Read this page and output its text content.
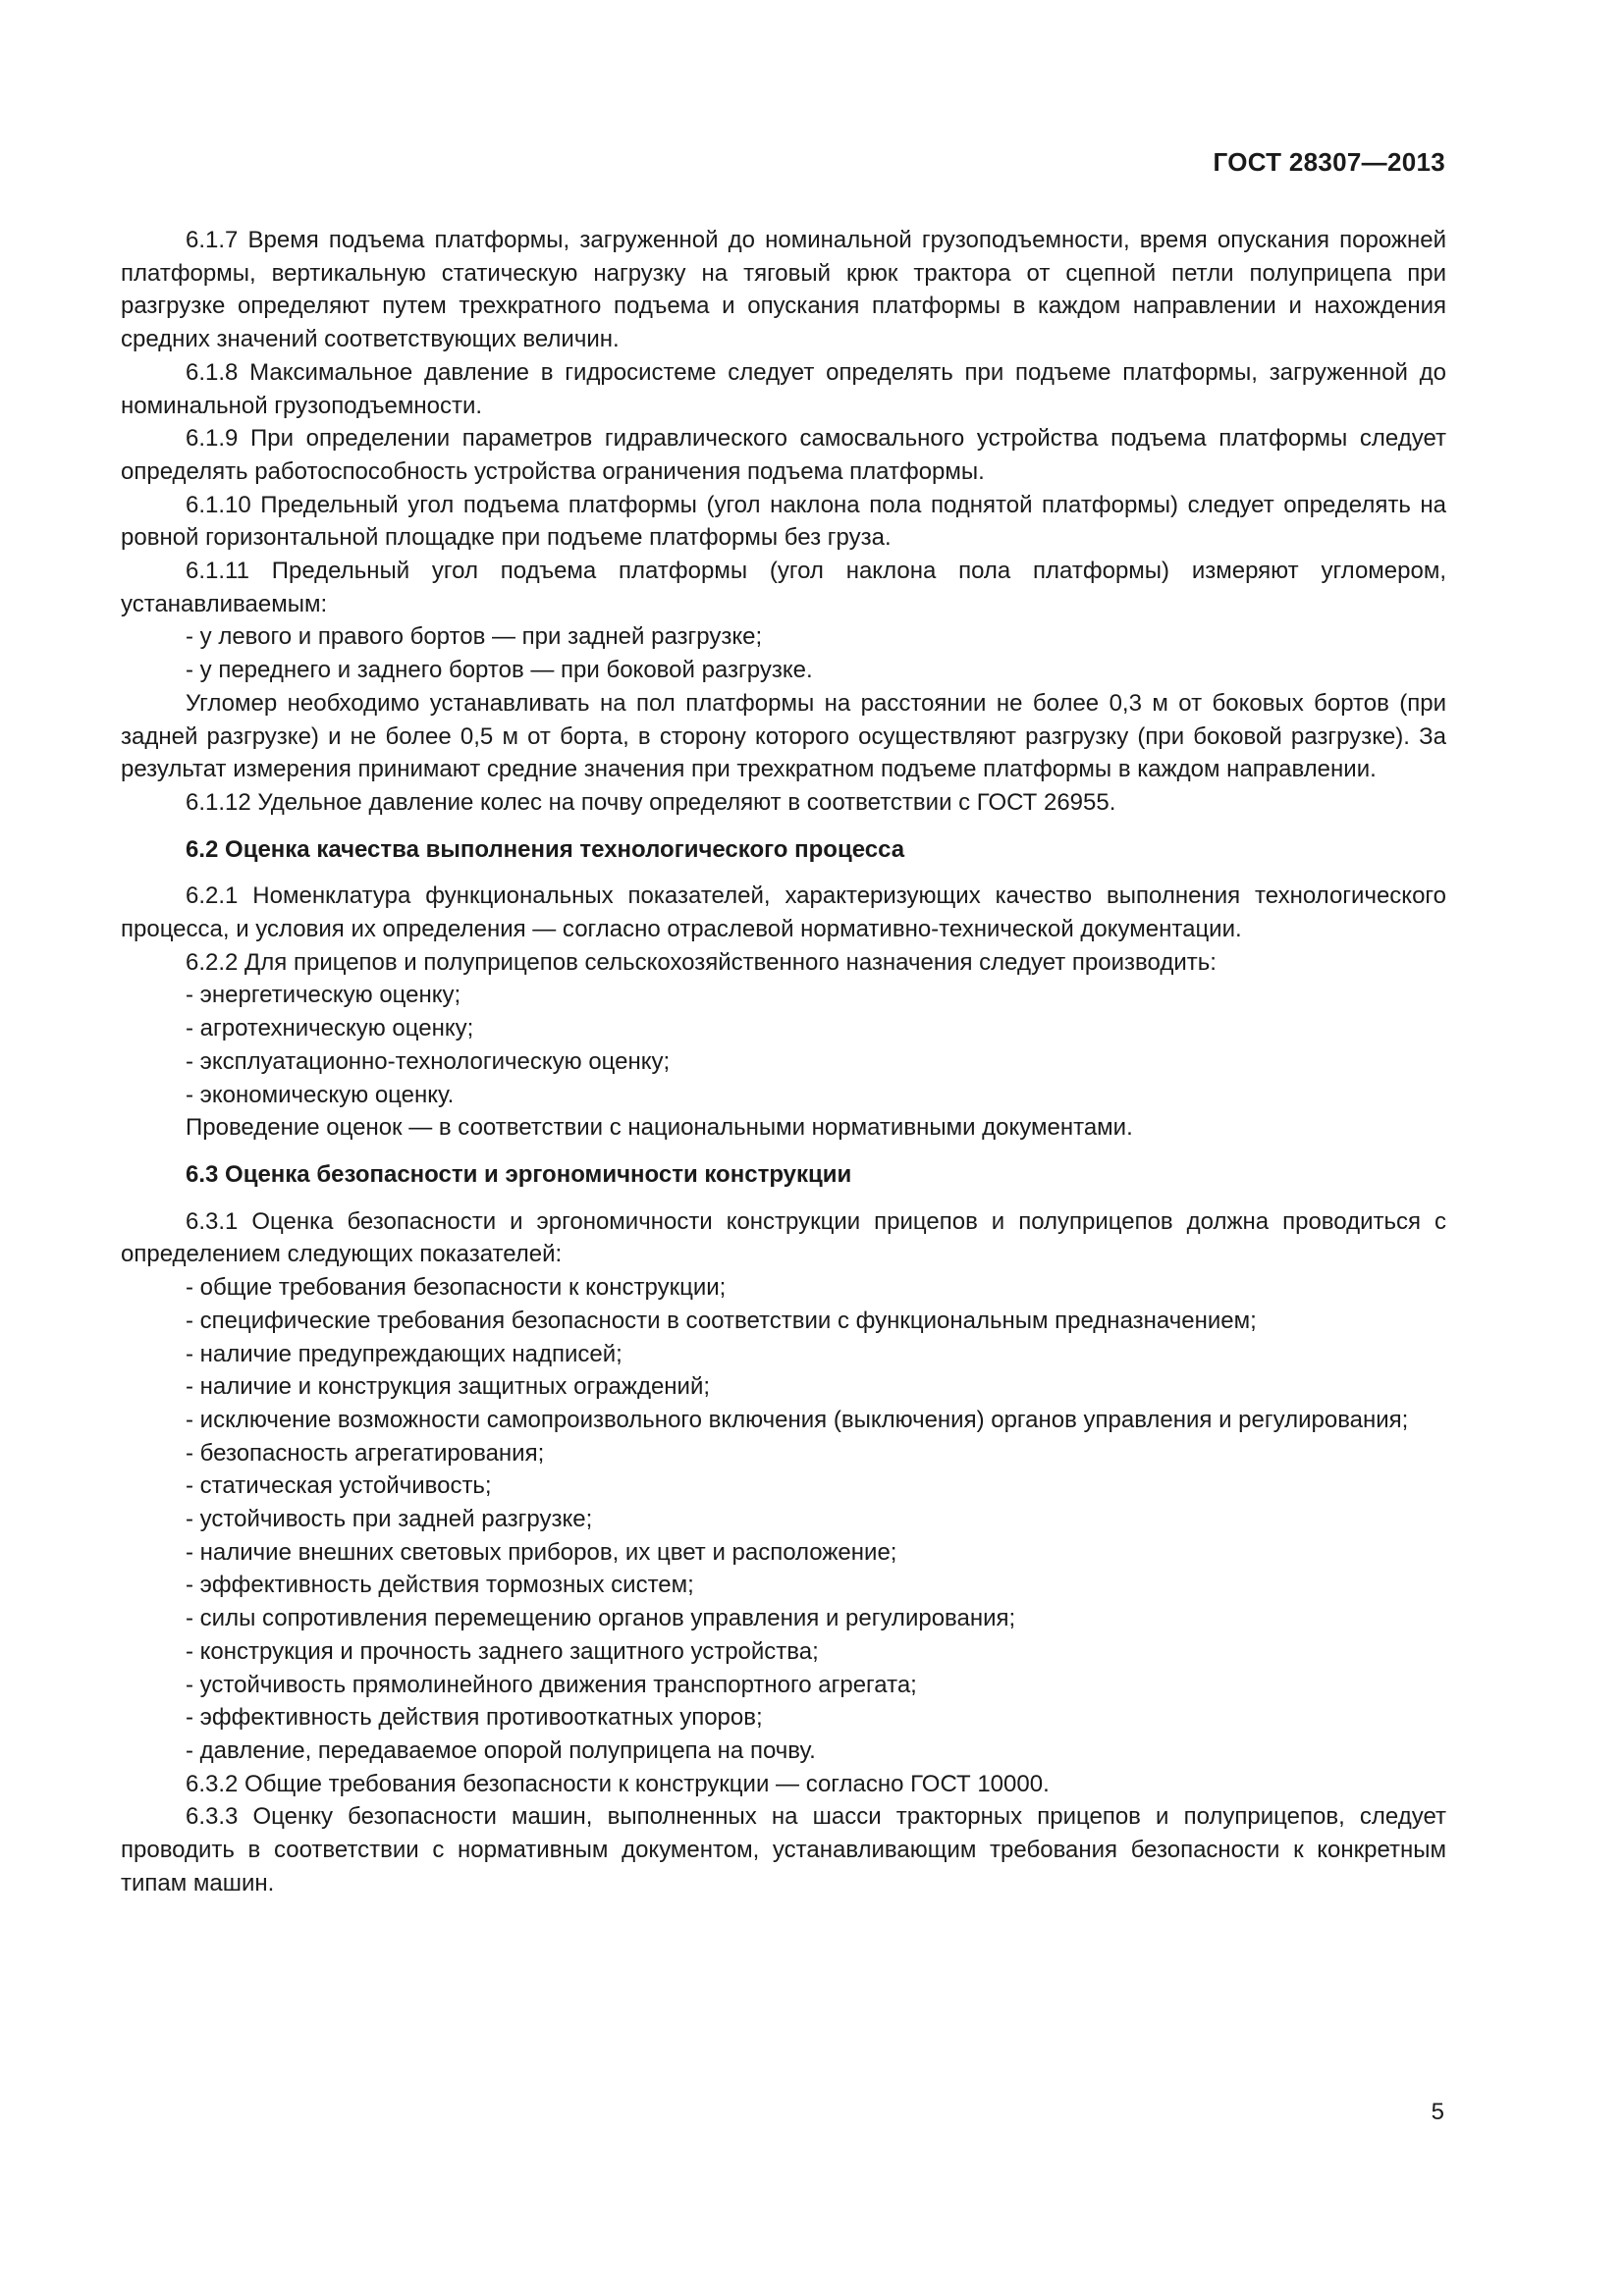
ГОСТ 28307—2013

6.1.7 Время подъема платформы, загруженной до номинальной грузоподъемности, время опускания порожней платформы, вертикальную статическую нагрузку на тяговый крюк трактора от сцепной петли полуприцепа при разгрузке определяют путем трехкратного подъема и опускания платформы в каждом направлении и нахождения средних значений соответствующих величин.

6.1.8 Максимальное давление в гидросистеме следует определять при подъеме платформы, загруженной до номинальной грузоподъемности.

6.1.9 При определении параметров гидравлического самосвального устройства подъема платформы следует определять работоспособность устройства ограничения подъема платформы.

6.1.10 Предельный угол подъема платформы (угол наклона пола поднятой платформы) следует определять на ровной горизонтальной площадке при подъеме платформы без груза.

6.1.11 Предельный угол подъема платформы (угол наклона пола платформы) измеряют угломером, устанавливаемым:

- у левого и правого бортов — при задней разгрузке;

- у переднего и заднего бортов — при боковой разгрузке.

Угломер необходимо устанавливать на пол платформы на расстоянии не более 0,3 м от боковых бортов (при задней разгрузке) и не более 0,5 м от борта, в сторону которого осуществляют разгрузку (при боковой разгрузке). За результат измерения принимают средние значения при трехкратном подъеме платформы в каждом направлении.

6.1.12 Удельное давление колес на почву определяют в соответствии с ГОСТ 26955.

6.2 Оценка качества выполнения технологического процесса

6.2.1 Номенклатура функциональных показателей, характеризующих качество выполнения технологического процесса, и условия их определения — согласно отраслевой нормативно-технической документации.

6.2.2 Для прицепов и полуприцепов сельскохозяйственного назначения следует производить:

- энергетическую оценку;

- агротехническую оценку;

- эксплуатационно-технологическую оценку;

- экономическую оценку.

Проведение оценок — в соответствии с национальными нормативными документами.

6.3 Оценка безопасности и эргономичности конструкции

6.3.1 Оценка безопасности и эргономичности конструкции прицепов и полуприцепов должна проводиться с определением следующих показателей:

- общие требования безопасности к конструкции;

- специфические требования безопасности в соответствии с функциональным предназначением;

- наличие предупреждающих надписей;

- наличие и конструкция защитных ограждений;

- исключение возможности самопроизвольного включения (выключения) органов управления и регулирования;

- безопасность агрегатирования;

- статическая устойчивость;

- устойчивость при задней разгрузке;

- наличие внешних световых приборов, их цвет и расположение;

- эффективность действия тормозных систем;

- силы сопротивления перемещению органов управления и регулирования;

- конструкция и прочность заднего защитного устройства;

- устойчивость прямолинейного движения транспортного агрегата;

- эффективность действия противооткатных упоров;

- давление, передаваемое опорой полуприцепа на почву.

6.3.2 Общие требования безопасности к конструкции — согласно ГОСТ 10000.

6.3.3 Оценку безопасности машин, выполненных на шасси тракторных прицепов и полуприцепов, следует проводить в соответствии с нормативным документом, устанавливающим требования безопасности к конкретным типам машин.

5
